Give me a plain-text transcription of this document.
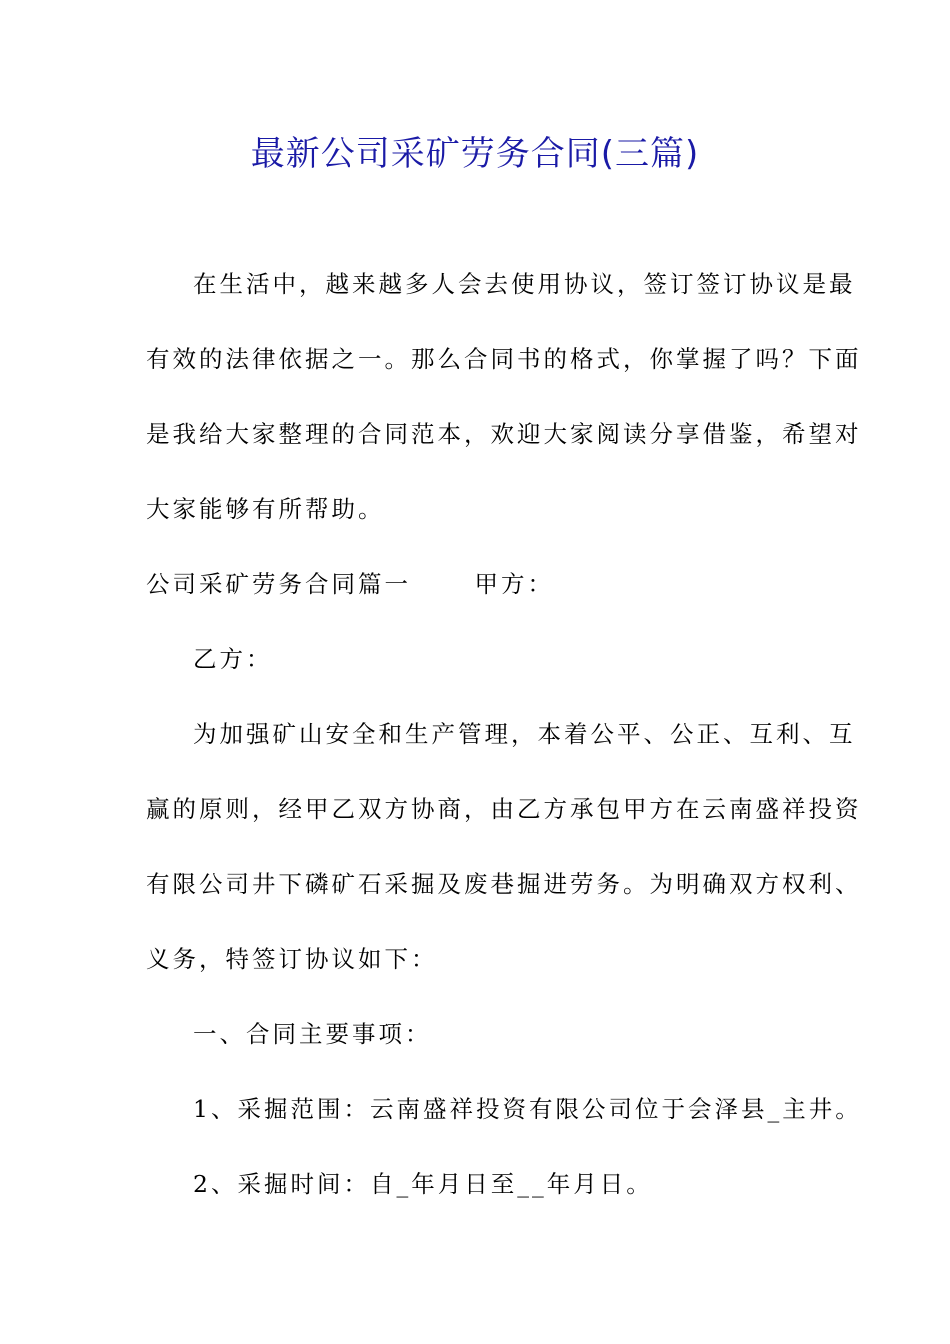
最新公司采矿劳务合同(三篇)
在生活中，越来越多人会去使用协议，签订签订协议是最
有效的法律依据之一。那么合同书的格式，你掌握了吗？下面
是我给大家整理的合同范本，欢迎大家阅读分享借鉴，希望对
大家能够有所帮助。
公司采矿劳务合同篇一　　 甲方：
乙方：
为加强矿山安全和生产管理，本着公平、公正、互利、互
赢的原则，经甲乙双方协商，由乙方承包甲方在云南盛祥投资
有限公司井下磷矿石采掘及废巷掘进劳务。为明确双方权利、
义务，特签订协议如下：
一、合同主要事项：
1、采掘范围：云南盛祥投资有限公司位于会泽县_主井。
2、采掘时间：自_年月日至__年月日。
